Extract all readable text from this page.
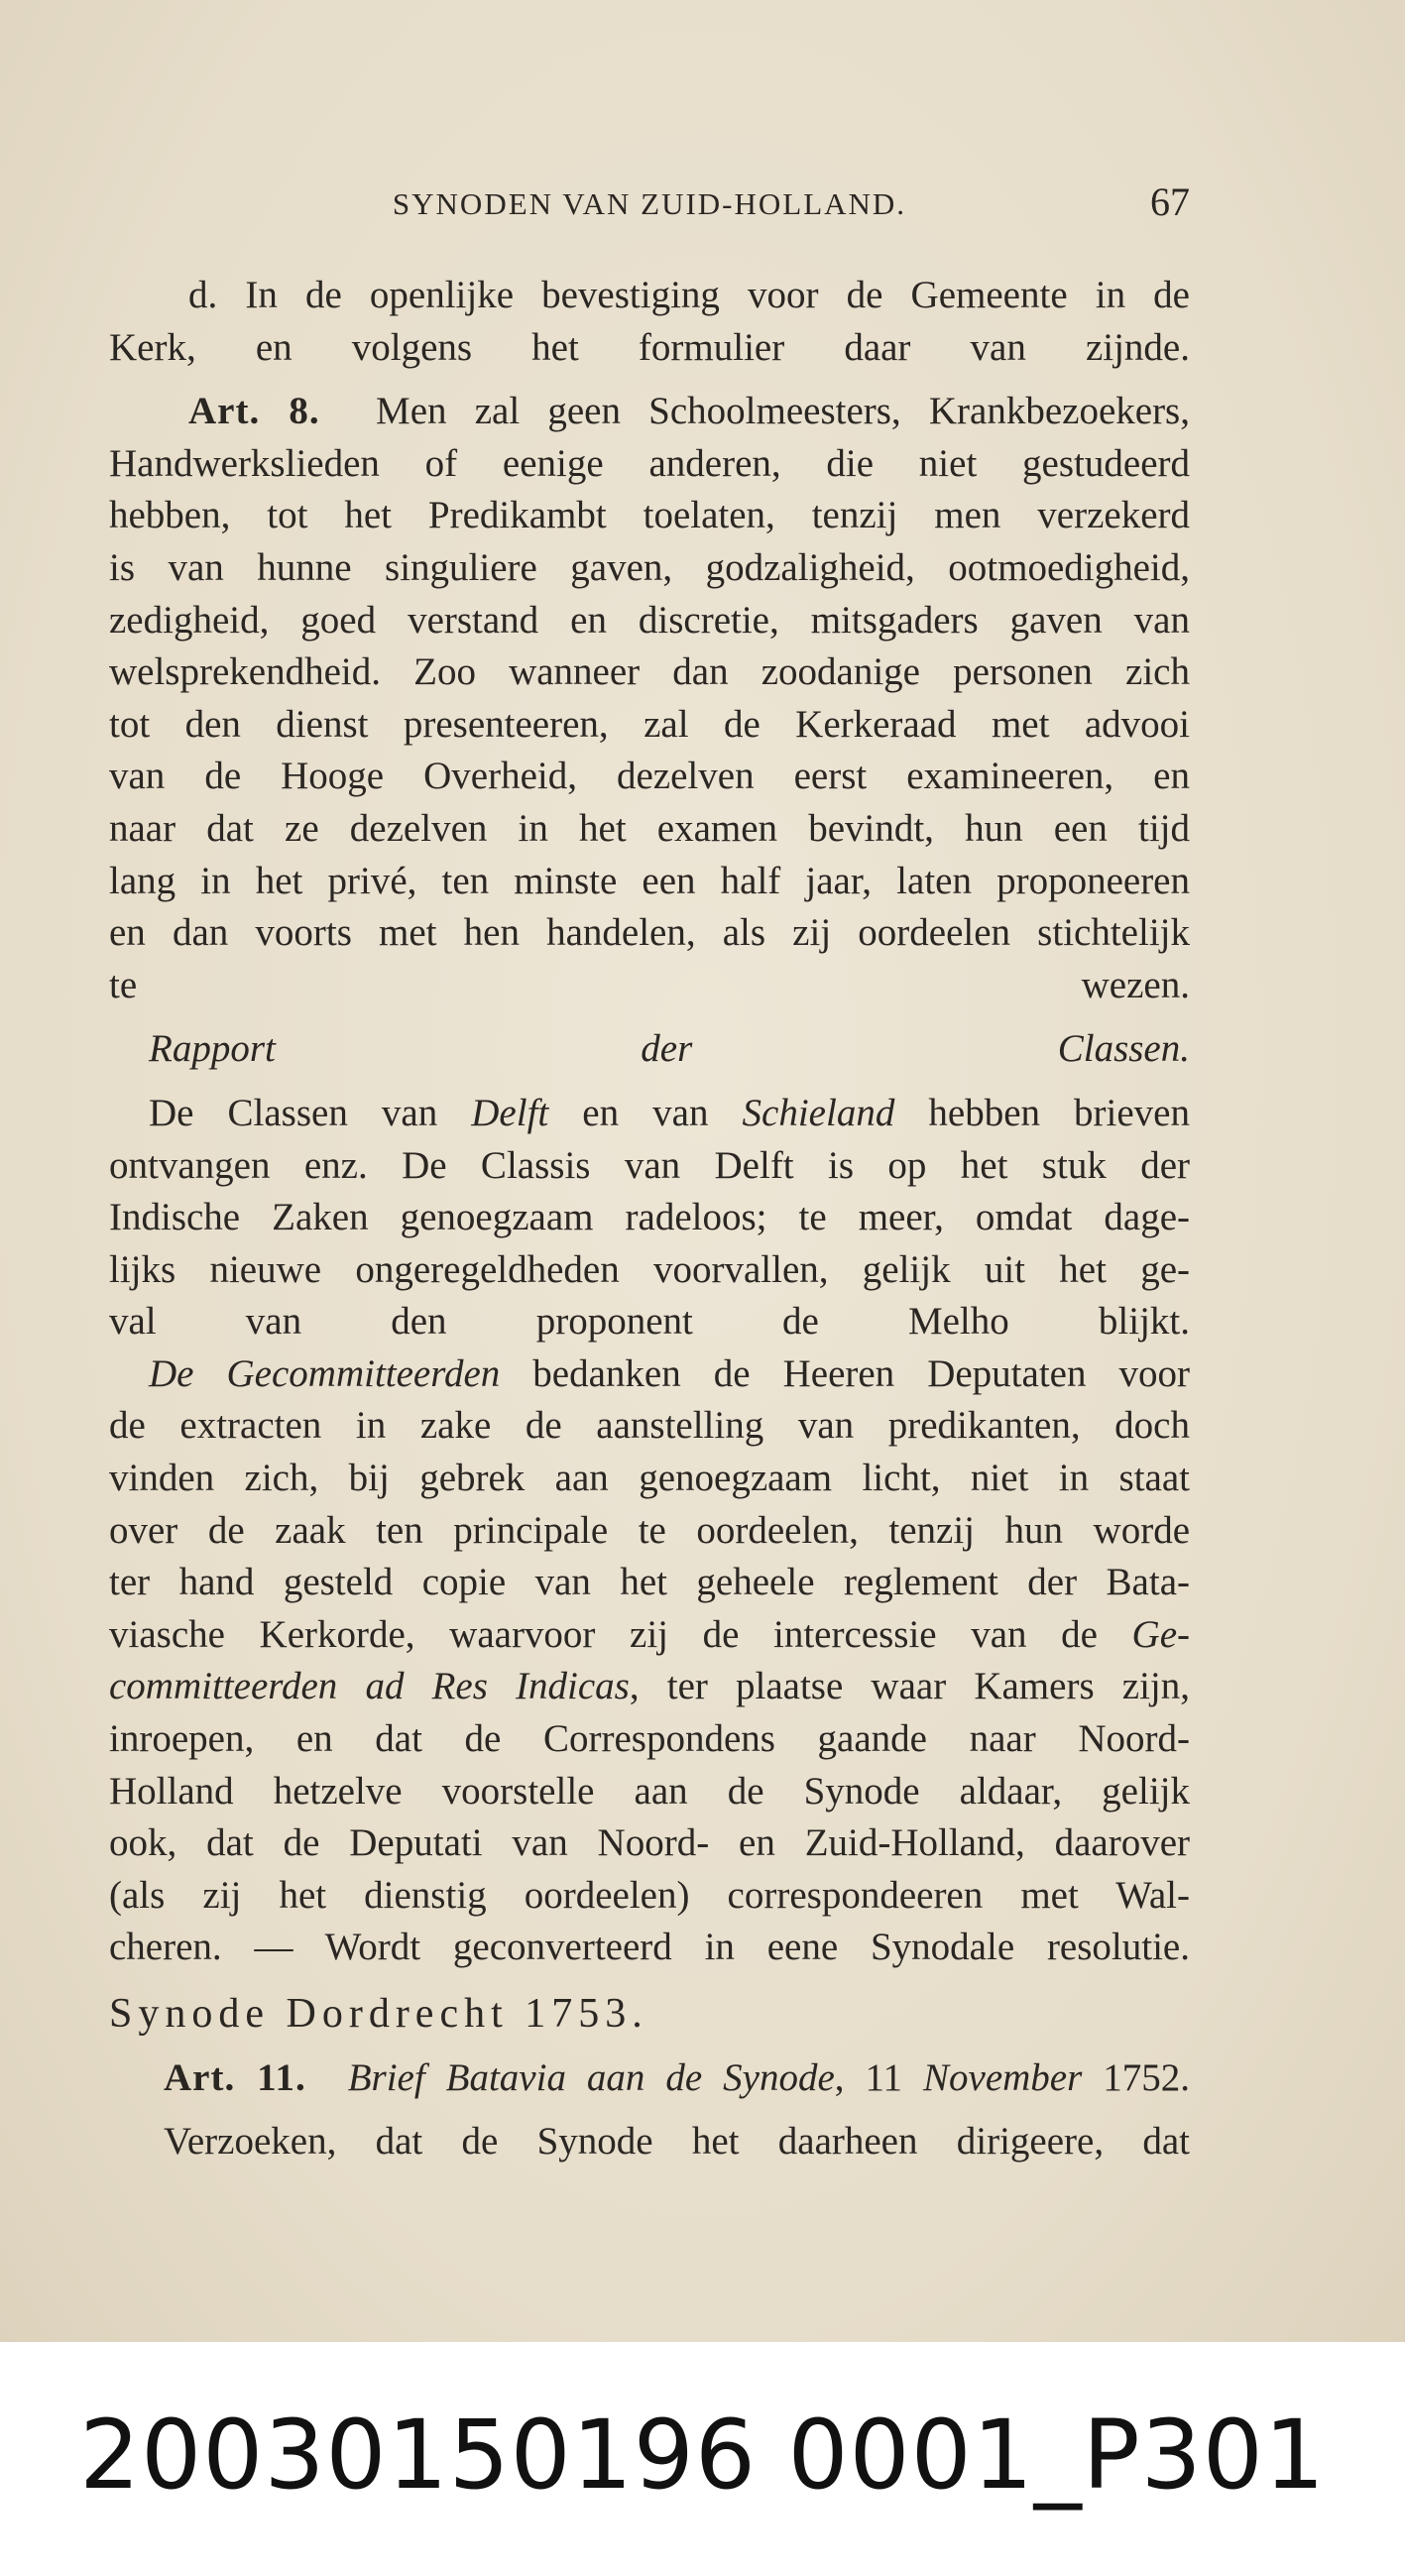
SYNODEN VAN ZUID-HOLLAND.	67

d. In de openlijke bevestiging voor de Gemeente in de
Kerk, en volgens het formulier daar van zijnde.

Art. 8. Men zal geen Schoolmeesters, Krankbezoekers,
Handwerkslieden of eenige anderen, die niet gestudeerd
hebben, tot het Predikambt toelaten, tenzij men verzekerd
is van hunne singuliere gaven, godzaligheid, ootmoedigheid,
zedigheid, goed verstand en discretie, mitsgaders gaven van
welsprekendheid. Zoo wanneer dan zoodanige personen zich
tot den dienst presenteeren, zal de Kerkeraad met advooi
van de Hooge Overheid, dezelven eerst examineeren, en
naar dat ze dezelven in het examen bevindt, hun een tijd
lang in het privé, ten minste een half jaar, laten proponeeren
en dan voorts met hen handelen, als zij oordeelen stichtelijk
te wezen.

Rapport der Classen.

De Classen van Delft en van Schieland hebben brieven
ontvangen enz. De Classis van Delft is op het stuk der
Indische Zaken genoegzaam radeloos; te meer, omdat dage-
lijks nieuwe ongeregeldheden voorvallen, gelijk uit het ge-
val van den proponent de Melho blijkt.

De Gecommitteerden bedanken de Heeren Deputaten voor
de extracten in zake de aanstelling van predikanten, doch
vinden zich, bij gebrek aan genoegzaam licht, niet in staat
over de zaak ten principale te oordeelen, tenzij hun worde
ter hand gesteld copie van het geheele reglement der Bata-
viasche Kerkorde, waarvoor zij de intercessie van de Ge-
committeerden ad Res Indicas, ter plaatse waar Kamers zijn,
inroepen, en dat de Correspondens gaande naar Noord-
Holland hetzelve voorstelle aan de Synode aldaar, gelijk
ook, dat de Deputati van Noord- en Zuid-Holland, daarover
(als zij het dienstig oordeelen) correspondeeren met Wal-
cheren. — Wordt geconverteerd in eene Synodale resolutie.

Synode Dordrecht 1753.

Art. 11. Brief Batavia aan de Synode, 11 November 1752.

Verzoeken, dat de Synode het daarheen dirigeere, dat

20030150196 0001_P301
